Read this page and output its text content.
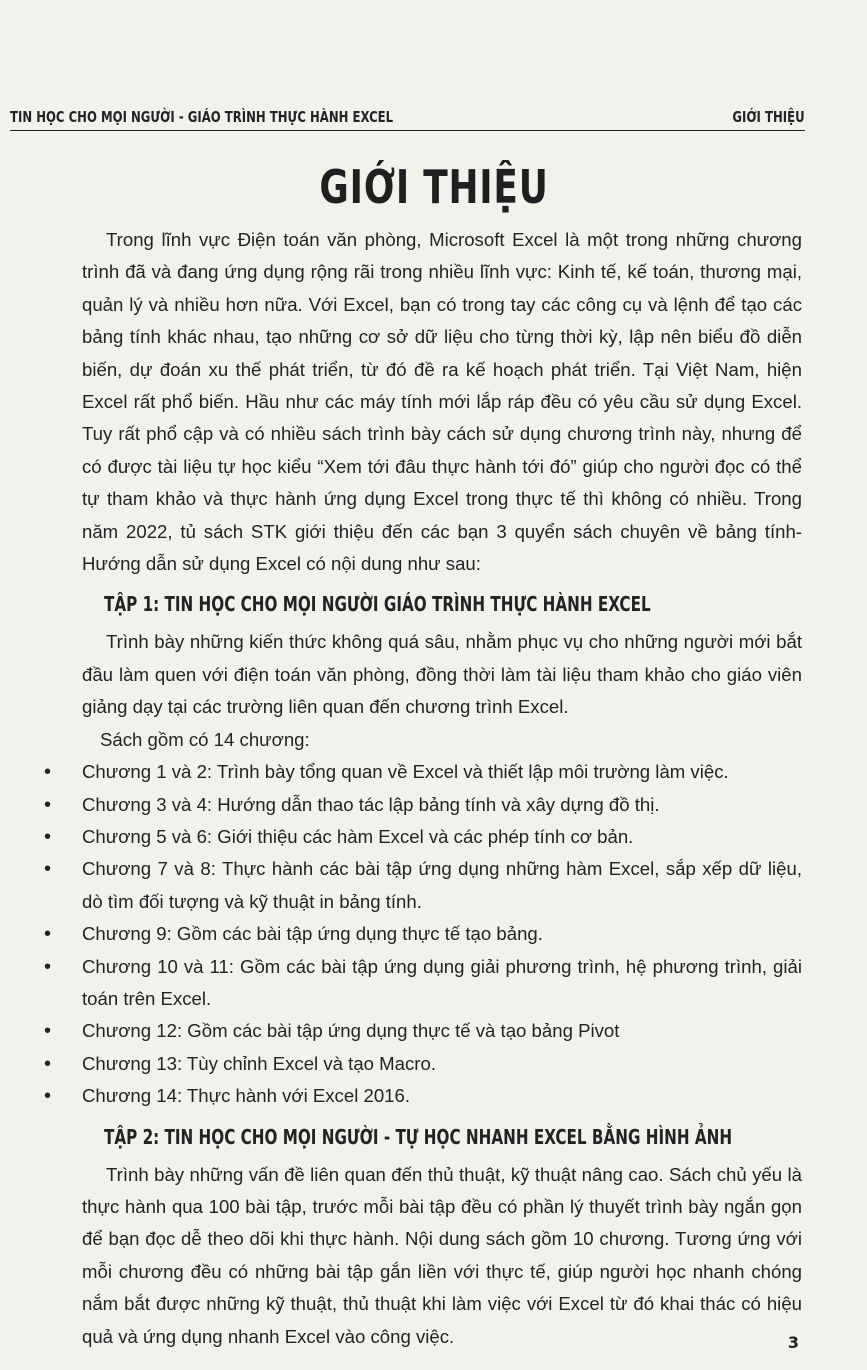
TIN HỌC CHO MỌI NGƯỜI - GIÁO TRÌNH THỰC HÀNH EXCEL	GIỚI THIỆU
GIỚI THIỆU

Trong lĩnh vực Điện toán văn phòng, Microsoft Excel là một trong những chương trình đã và đang ứng dụng rộng rãi trong nhiều lĩnh vực: Kinh tế, kế toán, thương mại, quản lý và nhiều hơn nữa. Với Excel, bạn có trong tay các công cụ và lệnh để tạo các bảng tính khác nhau, tạo những cơ sở dữ liệu cho từng thời kỳ, lập nên biểu đồ diễn biến, dự đoán xu thế phát triển, từ đó đề ra kế hoạch phát triển. Tại Việt Nam, hiện Excel rất phổ biến. Hầu như các máy tính mới lắp ráp đều có yêu cầu sử dụng Excel. Tuy rất phổ cập và có nhiều sách trình bày cách sử dụng chương trình này, nhưng để có được tài liệu tự học kiểu “Xem tới đâu thực hành tới đó” giúp cho người đọc có thể tự tham khảo và thực hành ứng dụng Excel trong thực tế thì không có nhiều. Trong năm 2022, tủ sách STK giới thiệu đến các bạn 3 quyển sách chuyên về bảng tính-Hướng dẫn sử dụng Excel có nội dung như sau:

TẬP 1: TIN HỌC CHO MỌI NGƯỜI GIÁO TRÌNH THỰC HÀNH EXCEL

Trình bày những kiến thức không quá sâu, nhằm phục vụ cho những người mới bắt đầu làm quen với điện toán văn phòng, đồng thời làm tài liệu tham khảo cho giáo viên giảng dạy tại các trường liên quan đến chương trình Excel.

Sách gồm có 14 chương:

• Chương 1 và 2: Trình bày tổng quan về Excel và thiết lập môi trường làm việc.
• Chương 3 và 4: Hướng dẫn thao tác lập bảng tính và xây dựng đồ thị.
• Chương 5 và 6: Giới thiệu các hàm Excel và các phép tính cơ bản.
• Chương 7 và 8: Thực hành các bài tập ứng dụng những hàm Excel, sắp xếp dữ liệu, dò tìm đối tượng và kỹ thuật in bảng tính.
• Chương 9: Gồm các bài tập ứng dụng thực tế tạo bảng.
• Chương 10 và 11: Gồm các bài tập ứng dụng giải phương trình, hệ phương trình, giải toán trên Excel.
• Chương 12: Gồm các bài tập ứng dụng thực tế và tạo bảng Pivot
• Chương 13: Tùy chỉnh Excel và tạo Macro.
• Chương 14: Thực hành với Excel 2016.
TẬP 2: TIN HỌC CHO MỌI NGƯỜI - TỰ HỌC NHANH EXCEL BẰNG HÌNH ẢNH

Trình bày những vấn đề liên quan đến thủ thuật, kỹ thuật nâng cao. Sách chủ yếu là thực hành qua 100 bài tập, trước mỗi bài tập đều có phần lý thuyết trình bày ngắn gọn để bạn đọc dễ theo dõi khi thực hành. Nội dung sách gồm 10 chương. Tương ứng với mỗi chương đều có những bài tập gắn liền với thực tế, giúp người học nhanh chóng nắm bắt được những kỹ thuật, thủ thuật khi làm việc với Excel từ đó khai thác có hiệu quả và ứng dụng nhanh Excel vào công việc.	3
